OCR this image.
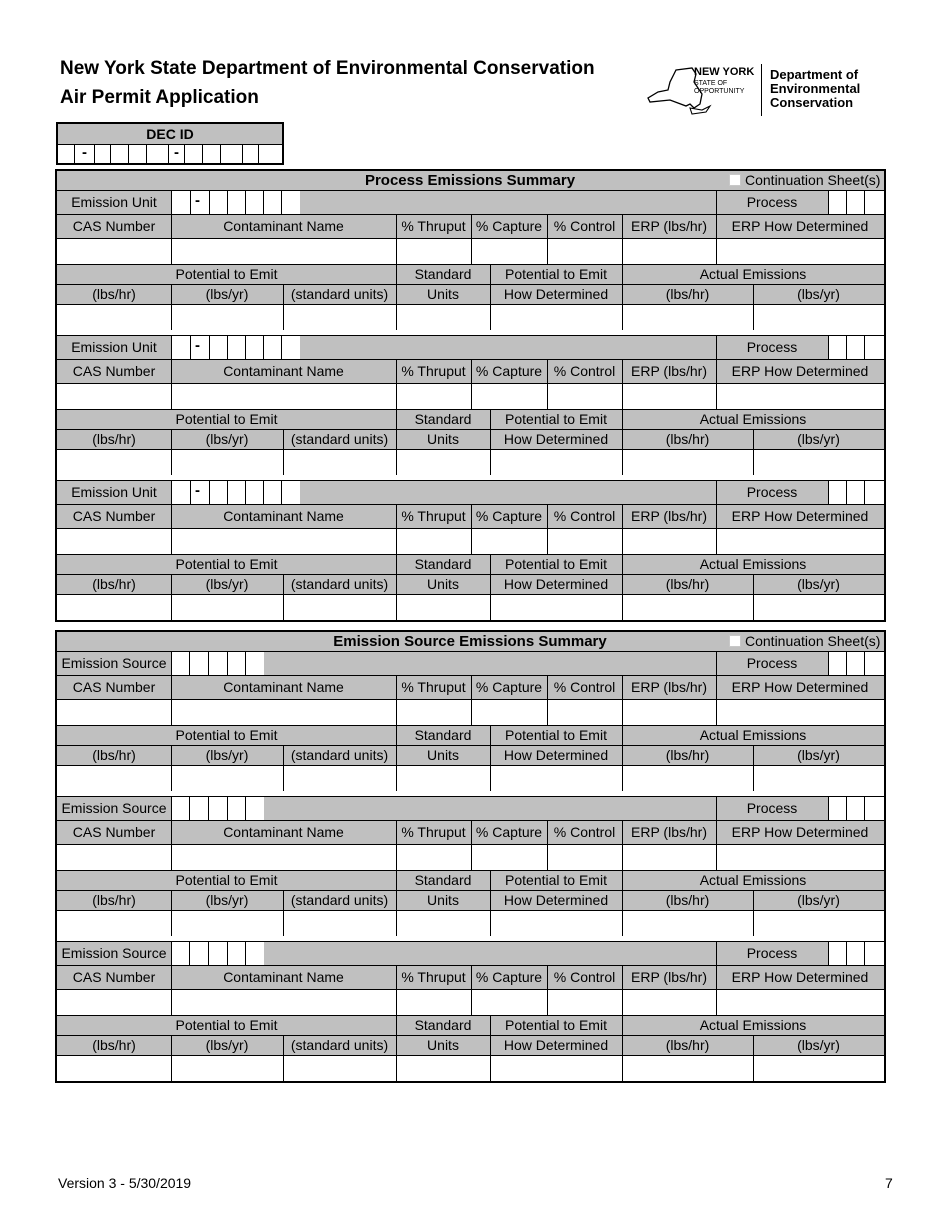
New York State Department of Environmental Conservation
Air Permit Application
NEW YORK
STATE OF
OPPORTUNITY
Department of
Environmental
Conservation
DEC ID
-	-
Process Emissions Summary	Continuation Sheet(s)
Emission Unit	-	Process
CAS Number	Contaminant Name	% Thruput % Capture % Control	ERP (lbs/hr)	ERP How Determined
Potential to Emit	Standard	Potential to Emit	Actual Emissions
(lbs/hr)	(lbs/yr)	(standard units)	Units	How Determined	(lbs/hr)	(lbs/yr)
Emission Unit	-	Process
CAS Number	Contaminant Name	% Thruput % Capture % Control	ERP (lbs/hr)	ERP How Determined
Potential to Emit	Standard	Potential to Emit	Actual Emissions
(lbs/hr)	(lbs/yr)	(standard units)	Units	How Determined	(lbs/hr)	(lbs/yr)
Emission Unit	-	Process
CAS Number	Contaminant Name	% Thruput % Capture % Control	ERP (lbs/hr)	ERP How Determined
Potential to Emit	Standard	Potential to Emit	Actual Emissions
(lbs/hr)	(lbs/yr)	(standard units)	Units	How Determined	(lbs/hr)	(lbs/yr)
Emission Source Emissions Summary	Continuation Sheet(s)
Emission Source	Process
CAS Number	Contaminant Name	% Thruput % Capture % Control	ERP (lbs/hr)	ERP How Determined
Potential to Emit	Standard	Potential to Emit	Actual Emissions
(lbs/hr)	(lbs/yr)	(standard units)	Units	How Determined	(lbs/hr)	(lbs/yr)
Emission Source	Process
CAS Number	Contaminant Name	% Thruput % Capture % Control	ERP (lbs/hr)	ERP How Determined
Potential to Emit	Standard	Potential to Emit	Actual Emissions
(lbs/hr)	(lbs/yr)	(standard units)	Units	How Determined	(lbs/hr)	(lbs/yr)
Emission Source	Process
CAS Number	Contaminant Name	% Thruput % Capture % Control	ERP (lbs/hr)	ERP How Determined
Potential to Emit	Standard	Potential to Emit	Actual Emissions
(lbs/hr)	(lbs/yr)	(standard units)	Units	How Determined	(lbs/hr)	(lbs/yr)
Version 3 - 5/30/2019	7
